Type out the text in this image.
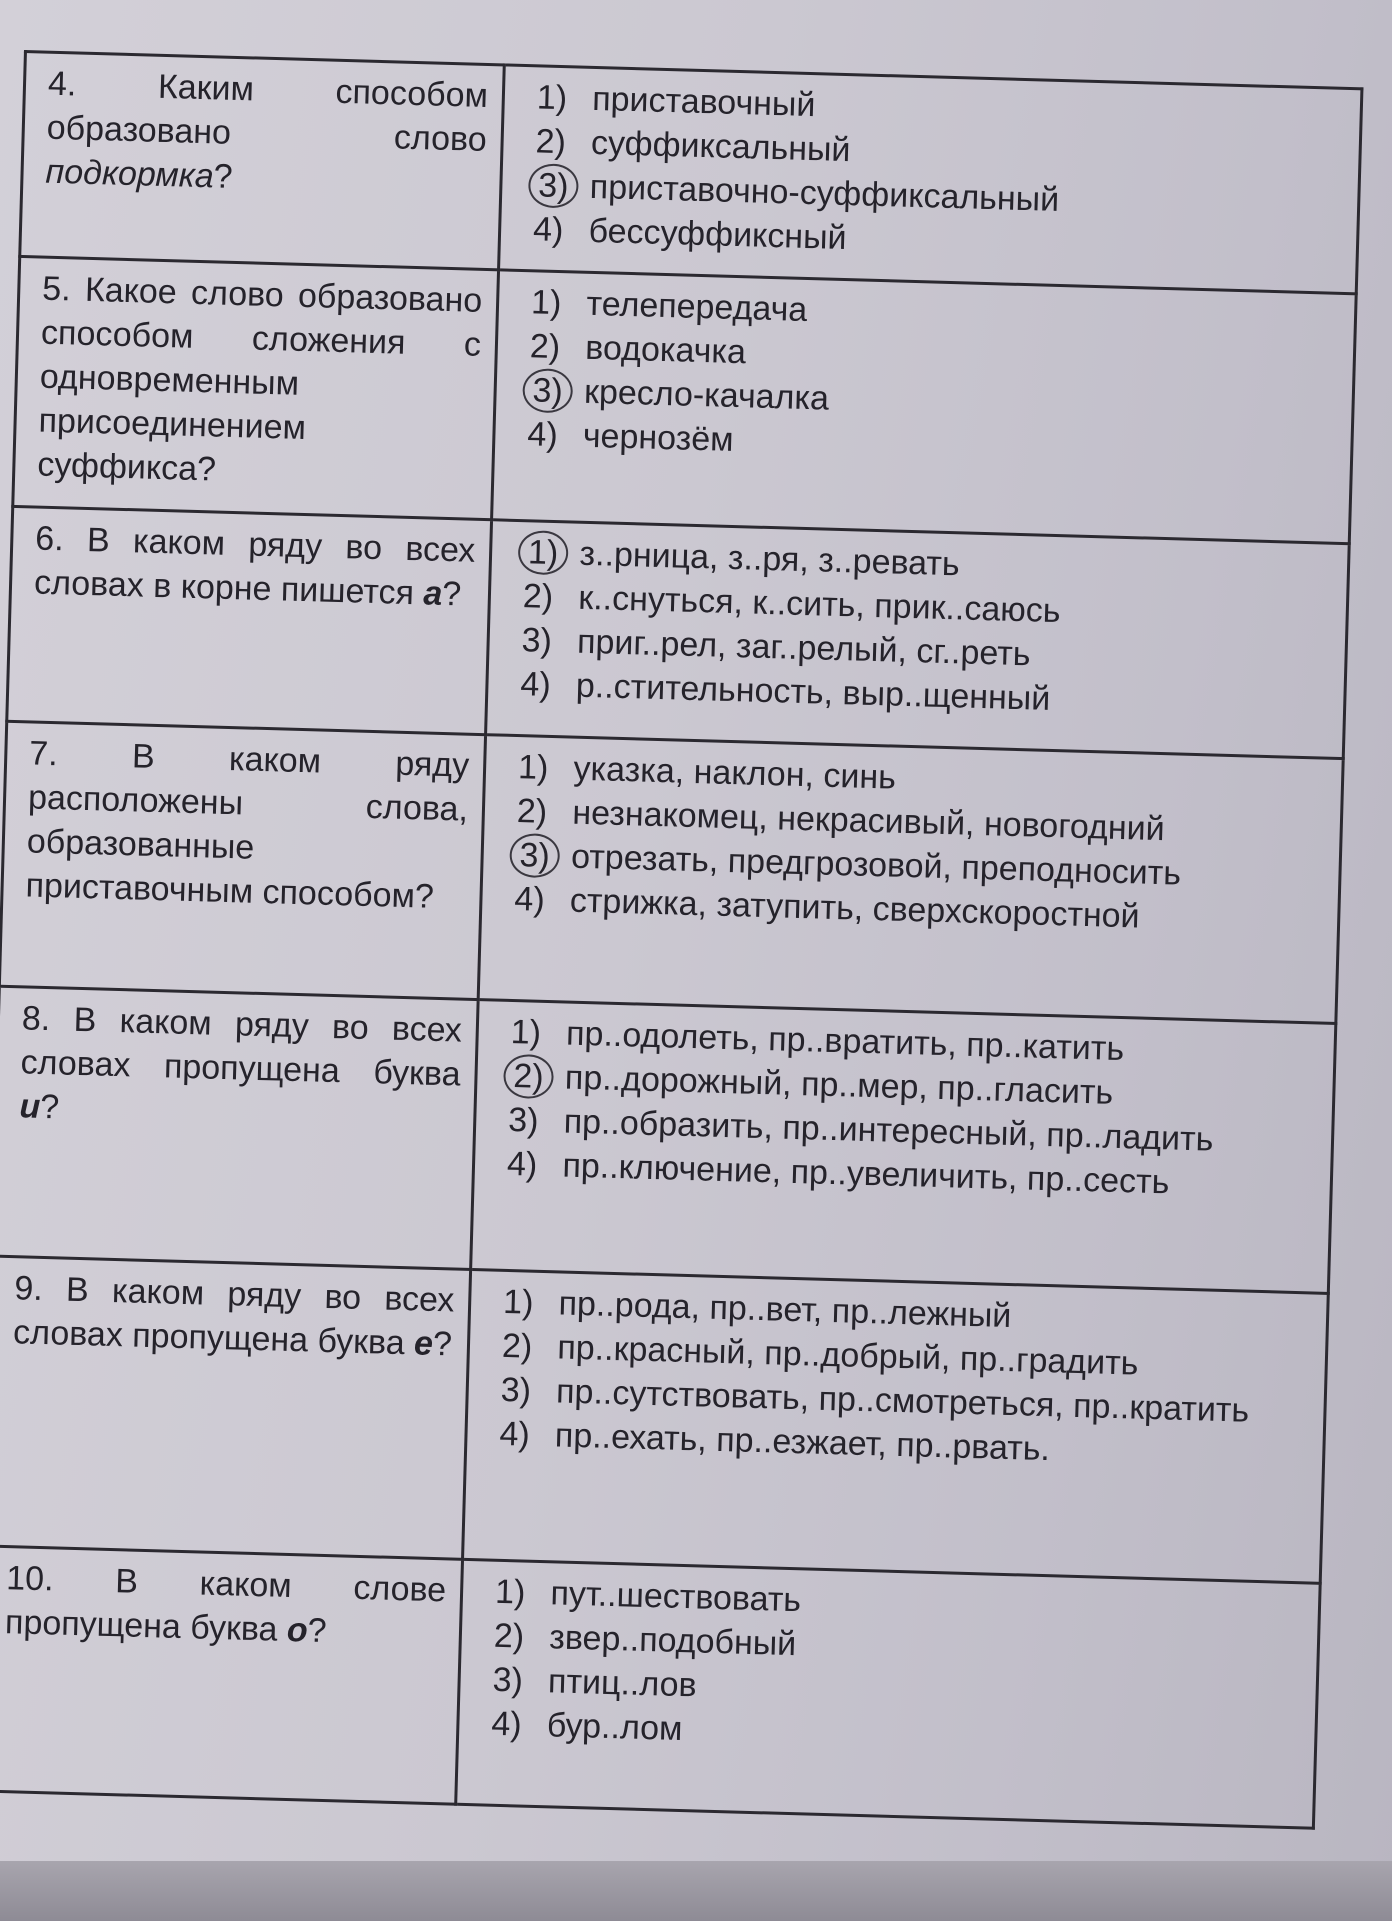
4. Каким способом образовано слово подкормка?	1) приставочный
2) суффиксальный
3) приставочно-суффиксальный
4) бессуффиксный

5. Какое слово образовано способом сложения с одновременным присоединением суффикса?	1) телепередача
2) водокачка
3) кресло-качалка
4) чернозём

6. В каком ряду во всех словах в корне пишется а?	1) з..рница, з..ря, з..ревать
2) к..снуться, к..сить, прик..саюсь
3) приг..рел, заг..релый, сг..реть
4) р..стительность, выр..щенный

7. В каком ряду расположены слова, образованные приставочным способом?	1) указка, наклон, синь
2) незнакомец, некрасивый, новогодний
3) отрезать, предгрозовой, преподносить
4) стрижка, затупить, сверхскоростной

8. В каком ряду во всех словах пропущена буква и?	1) пр..одолеть, пр..вратить, пр..катить
2) пр..дорожный, пр..мер, пр..гласить
3) пр..образить, пр..интересный, пр..ладить
4) пр..ключение, пр..увеличить, пр..сесть

9. В каком ряду во всех словах пропущена буква е?	1) пр..рода, пр..вет, пр..лежный
2) пр..красный, пр..добрый, пр..градить
3) пр..сутствовать, пр..смотреться, пр..кратить
4) пр..ехать, пр..езжает, пр..рвать.

10. В каком слове пропущена буква о?	1) пут..шествовать
2) звер..подобный
3) птиц..лов
4) бур..лом
